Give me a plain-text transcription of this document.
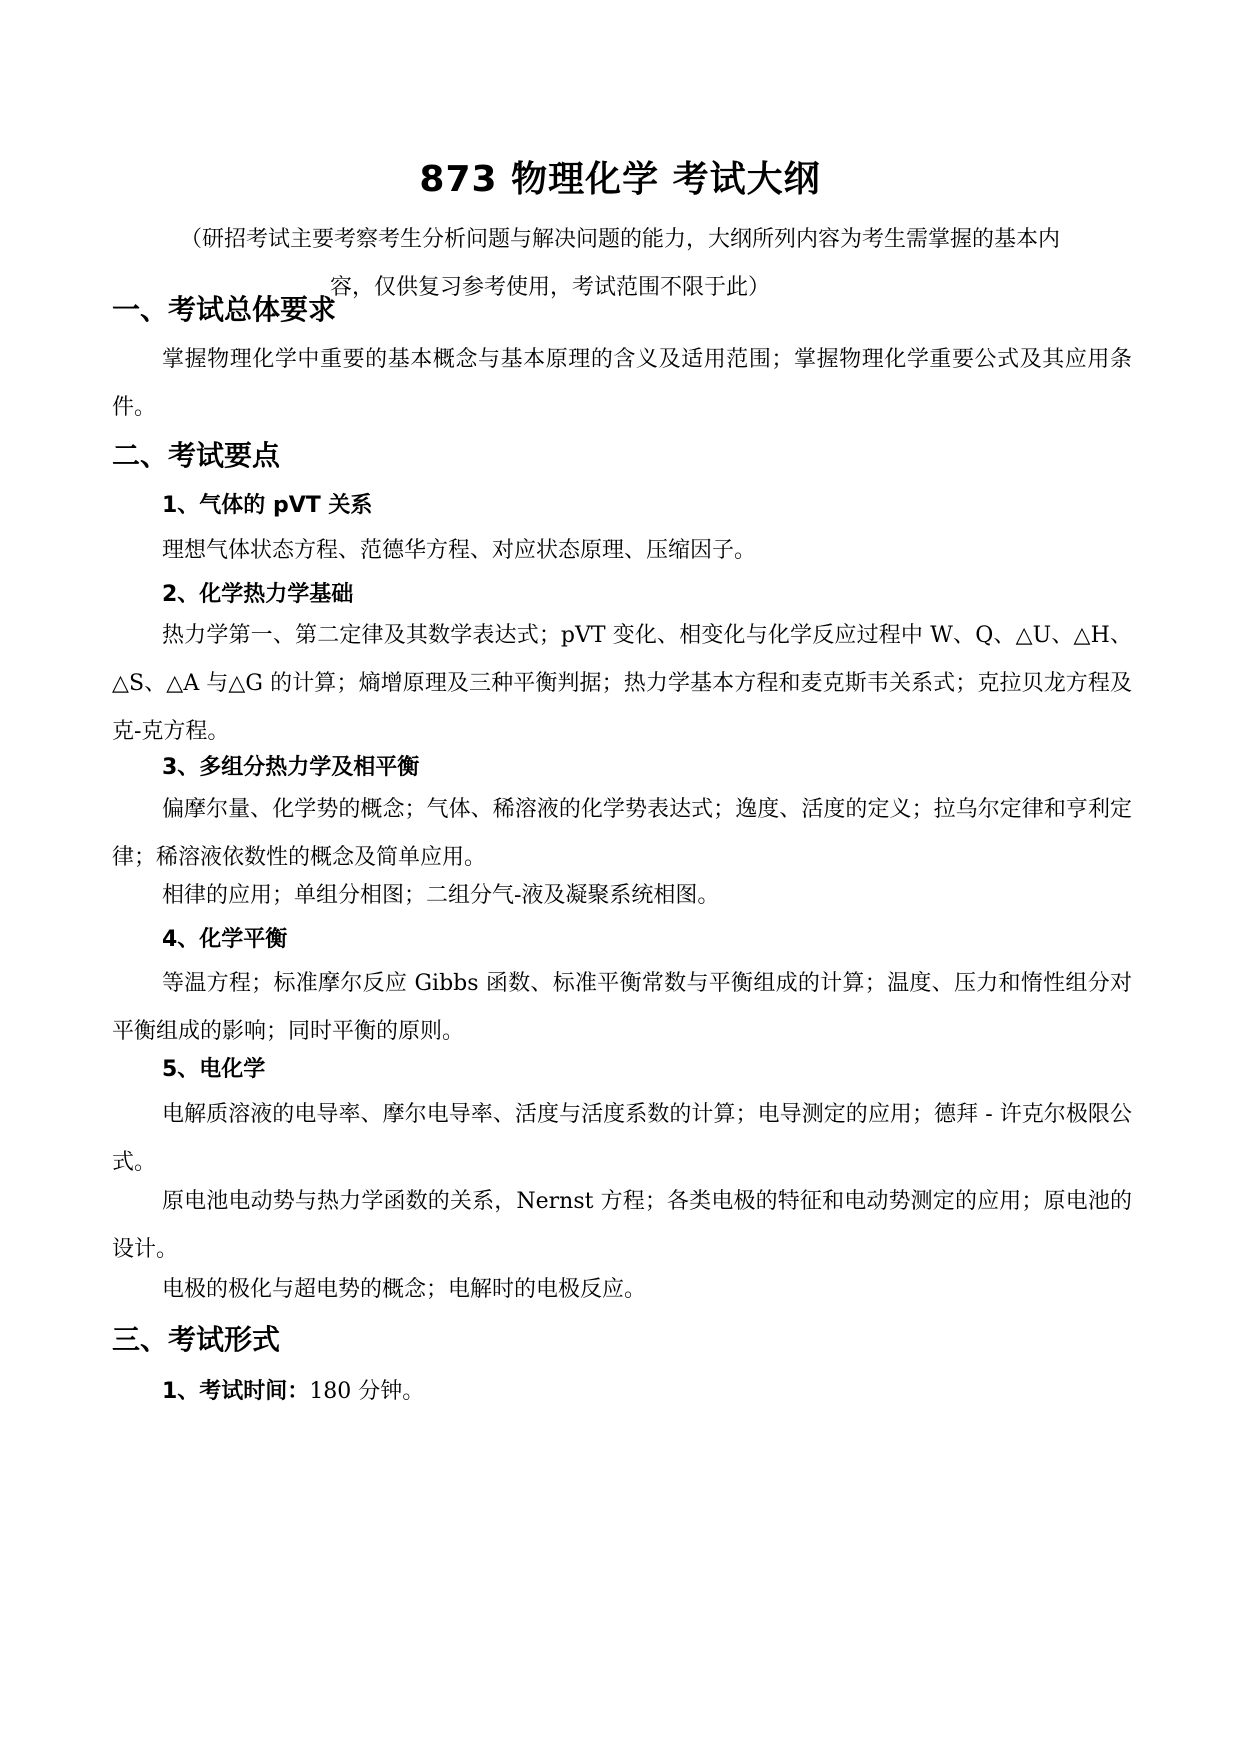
873 物理化学 考试大纲
（研招考试主要考察考生分析问题与解决问题的能力，大纲所列内容为考生需掌握的基本内
容，仅供复习参考使用，考试范围不限于此）
一、考试总体要求
掌握物理化学中重要的基本概念与基本原理的含义及适用范围；掌握物理化学重要公式及其应用条件。
二、考试要点
1、气体的 pVT 关系
理想气体状态方程、范德华方程、对应状态原理、压缩因子。
2、化学热力学基础
热力学第一、第二定律及其数学表达式；pVT 变化、相变化与化学反应过程中 W、Q、△U、△H、 △S、△A 与△G 的计算；熵增原理及三种平衡判据；热力学基本方程和麦克斯韦关系式；克拉贝龙方程及克-克方程。
3、多组分热力学及相平衡
偏摩尔量、化学势的概念；气体、稀溶液的化学势表达式；逸度、活度的定义；拉乌尔定律和亨利定律；稀溶液依数性的概念及简单应用。
相律的应用；单组分相图；二组分气-液及凝聚系统相图。
4、化学平衡
等温方程；标准摩尔反应 Gibbs 函数、标准平衡常数与平衡组成的计算；温度、压力和惰性组分对平衡组成的影响；同时平衡的原则。
5、电化学
电解质溶液的电导率、摩尔电导率、活度与活度系数的计算；电导测定的应用；德拜 - 许克尔极限公式。
原电池电动势与热力学函数的关系，Nernst 方程；各类电极的特征和电动势测定的应用；原电池的设计。
电极的极化与超电势的概念；电解时的电极反应。
三、考试形式
1、考试时间：180 分钟。
